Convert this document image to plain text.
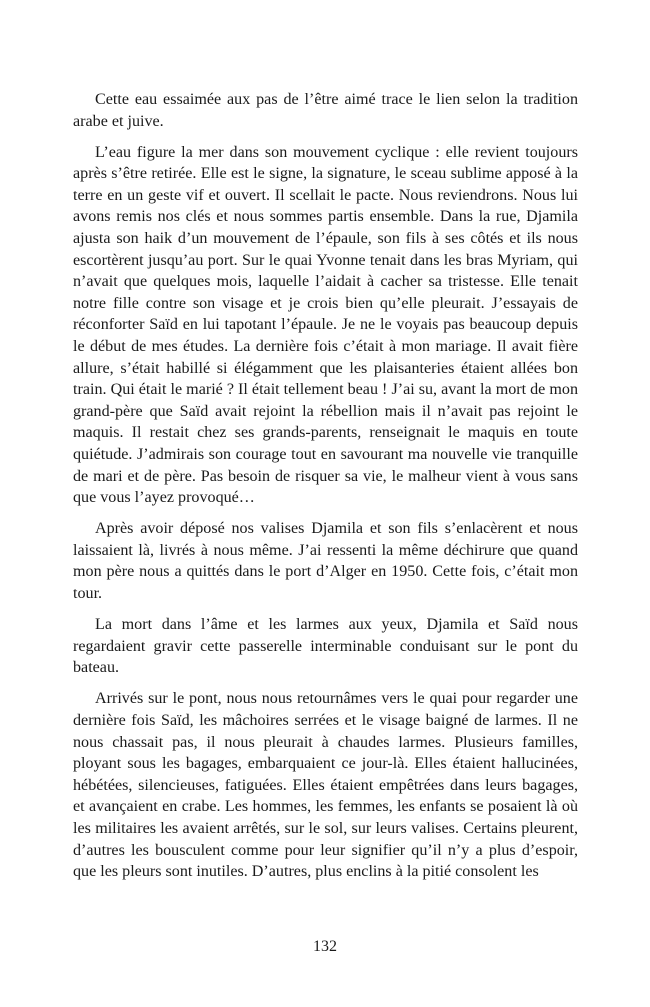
Cette eau essaimée aux pas de l’être aimé trace le lien selon la tradition arabe et juive.

L’eau figure la mer dans son mouvement cyclique : elle revient toujours après s’être retirée. Elle est le signe, la signature, le sceau sublime apposé à la terre en un geste vif et ouvert. Il scellait le pacte. Nous reviendrons. Nous lui avons remis nos clés et nous sommes partis ensemble. Dans la rue, Djamila ajusta son haik d’un mouvement de l’épaule, son fils à ses côtés et ils nous escortèrent jusqu’au port. Sur le quai Yvonne tenait dans les bras Myriam, qui n’avait que quelques mois, laquelle l’aidait à cacher sa tristesse. Elle tenait notre fille contre son visage et je crois bien qu’elle pleurait. J’essayais de réconforter Saïd en lui tapotant l’épaule. Je ne le voyais pas beaucoup depuis le début de mes études. La dernière fois c’était à mon mariage. Il avait fière allure, s’était habillé si élégamment que les plaisanteries étaient allées bon train. Qui était le marié ? Il était tellement beau ! J’ai su, avant la mort de mon grand-père que Saïd avait rejoint la rébellion mais il n’avait pas rejoint le maquis. Il restait chez ses grands-parents, renseignait le maquis en toute quiétude. J’admirais son courage tout en savourant ma nouvelle vie tranquille de mari et de père. Pas besoin de risquer sa vie, le malheur vient à vous sans que vous l’ayez provoqué…

Après avoir déposé nos valises Djamila et son fils s’enlacèrent et nous laissaient là, livrés à nous même. J’ai ressenti la même déchirure que quand mon père nous a quittés dans le port d’Alger en 1950. Cette fois, c’était mon tour.

La mort dans l’âme et les larmes aux yeux, Djamila et Saïd nous regardaient gravir cette passerelle interminable conduisant sur le pont du bateau.

Arrivés sur le pont, nous nous retournâmes vers le quai pour regarder une dernière fois Saïd, les mâchoires serrées et le visage baigné de larmes. Il ne nous chassait pas, il nous pleurait à chaudes larmes. Plusieurs familles, ployant sous les bagages, embarquaient ce jour-là. Elles étaient hallucinées, hébétées, silencieuses, fatiguées. Elles étaient empêtrées dans leurs bagages, et avançaient en crabe. Les hommes, les femmes, les enfants se posaient là où les militaires les avaient arrêtés, sur le sol, sur leurs valises. Certains pleurent, d’autres les bousculent comme pour leur signifier qu’il n’y a plus d’espoir, que les pleurs sont inutiles. D’autres, plus enclins à la pitié consolent les

132
